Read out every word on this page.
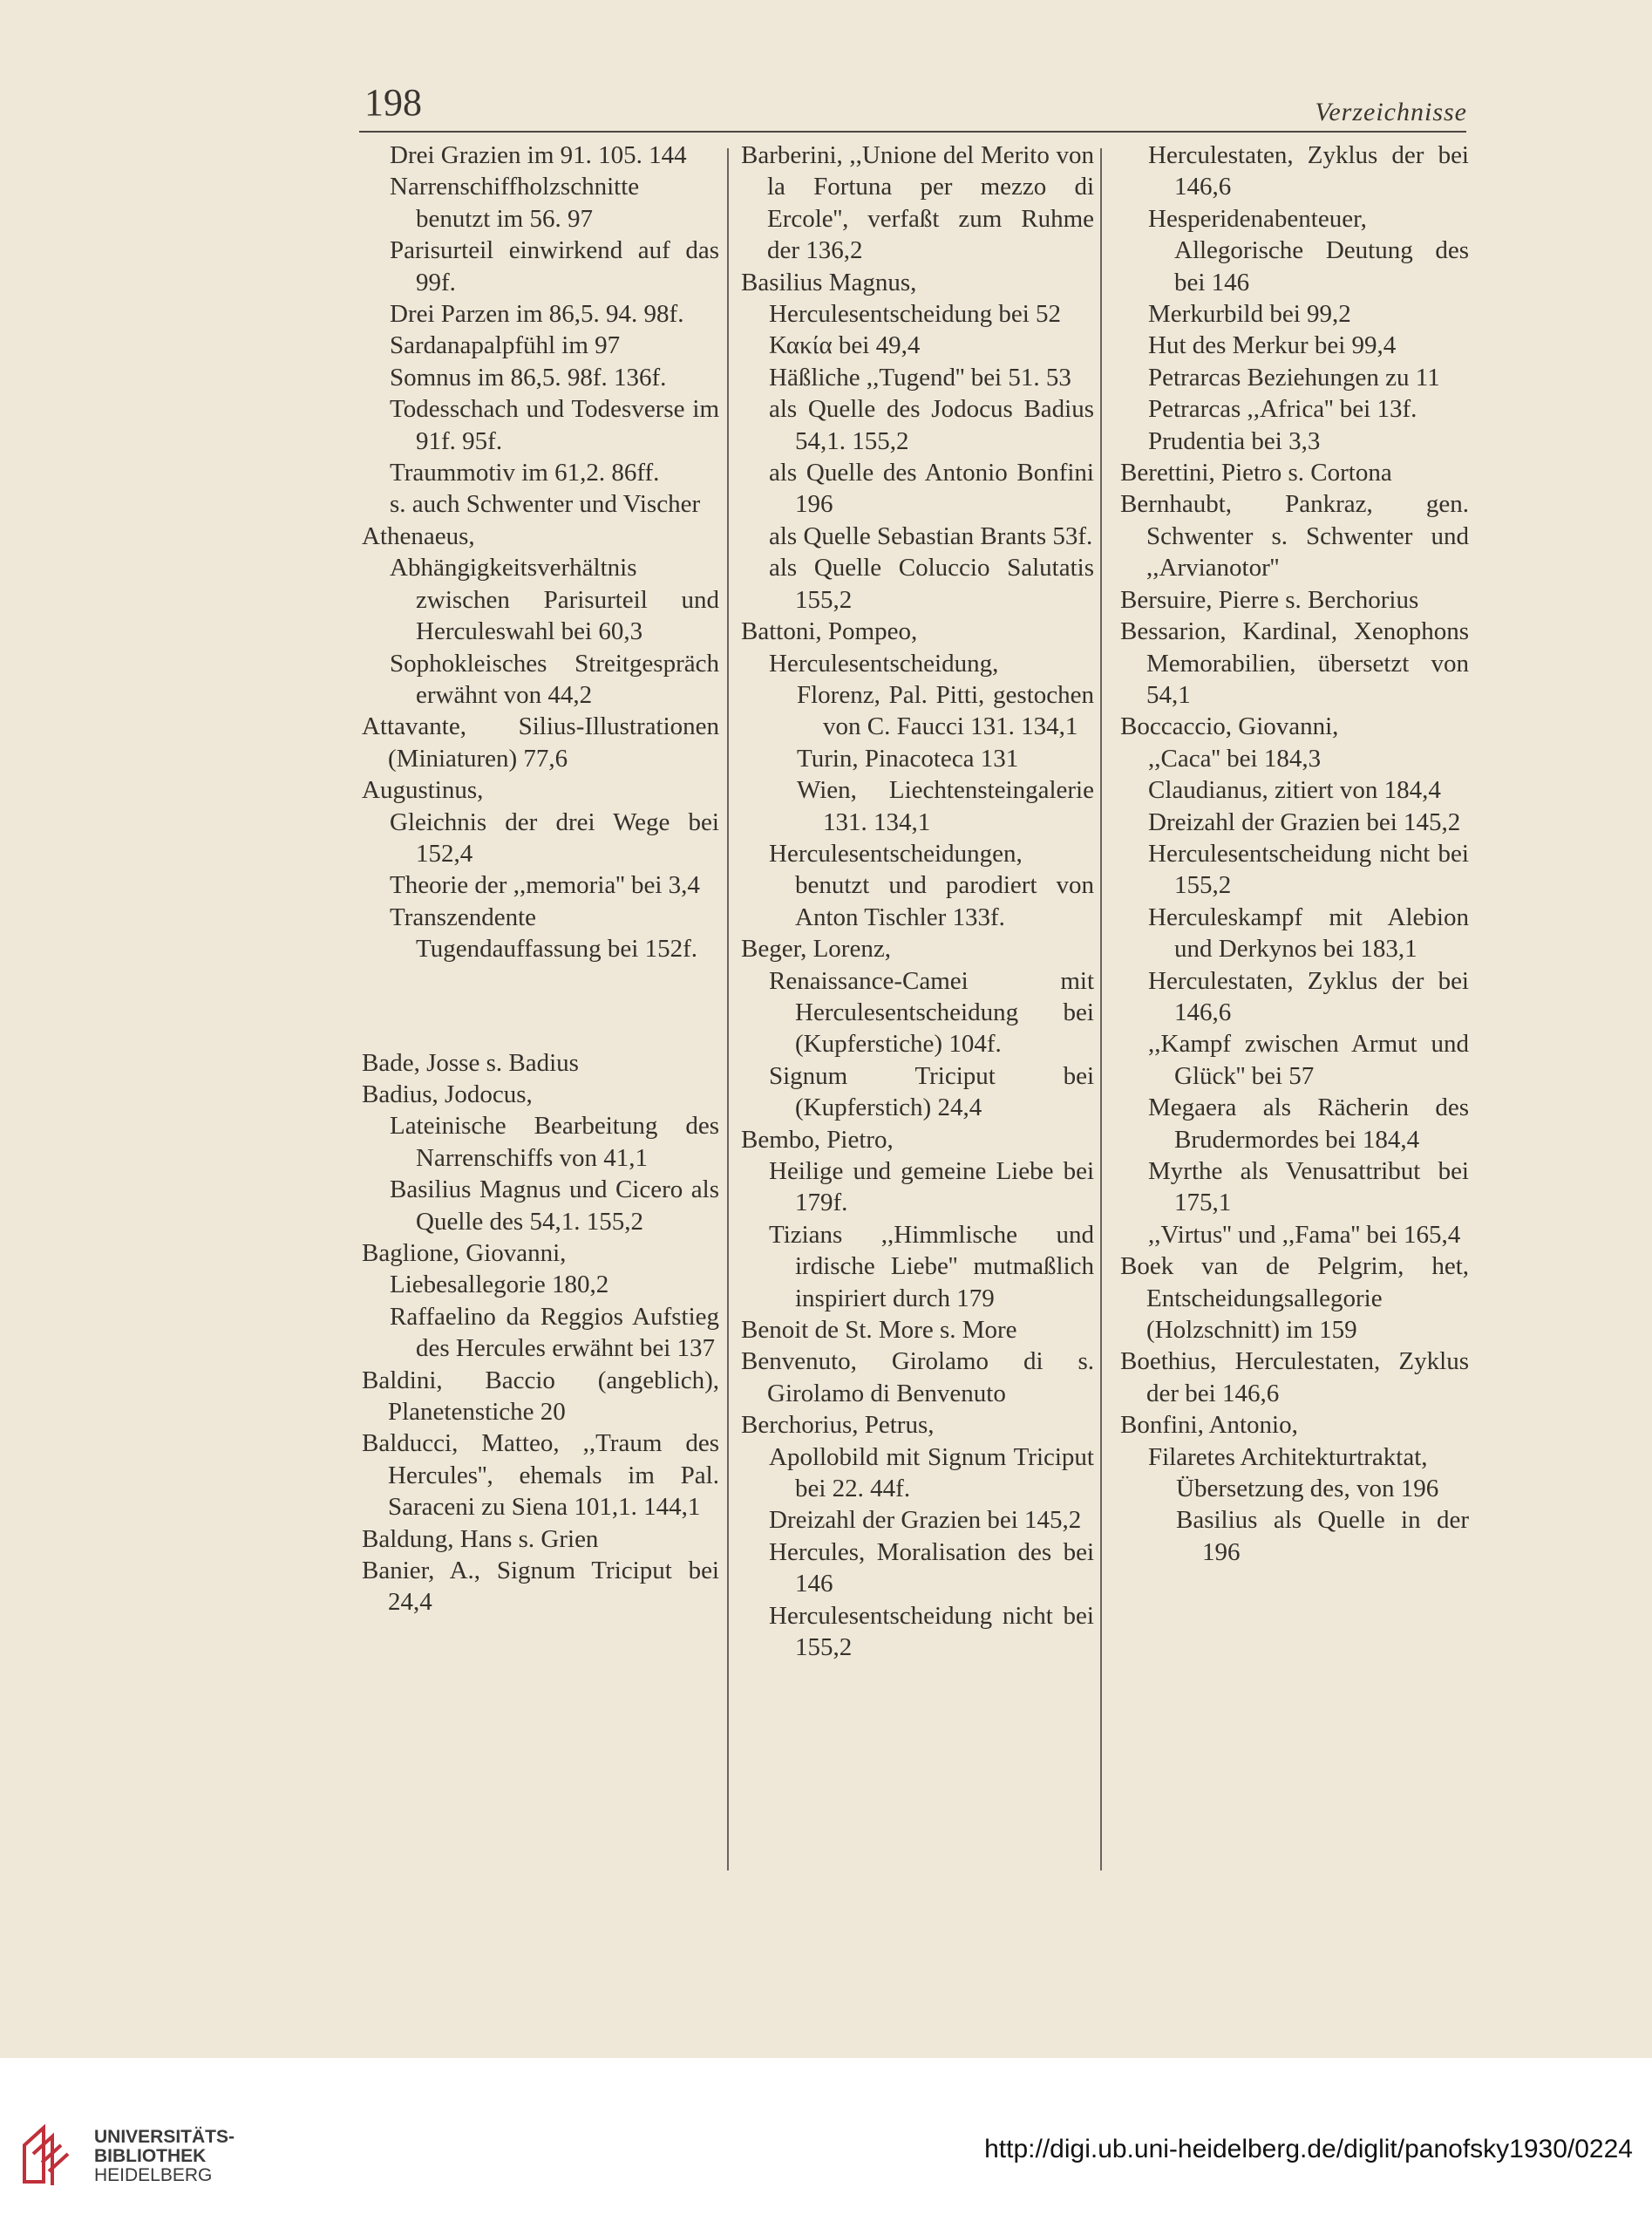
198	Verzeichnisse

Drei Grazien im 91. 105. 144

Narrenschiffholzschnitte benutzt im 56. 97

Parisurteil einwirkend auf das 99f.

Drei Parzen im 86,5. 94. 98f.

Sardanapalpfühl im 97

Somnus im 86,5. 98f. 136f.

Todesschach und Todesverse im 91f. 95f.

Traummotiv im 61,2. 86ff.

s. auch Schwenter und Vischer

Athenaeus,

Abhängigkeitsverhältnis zwischen Parisurteil und Herculeswahl bei 60,3

Sophokleisches Streitgespräch erwähnt von 44,2

Attavante, Silius-Illustrationen (Miniaturen) 77,6

Augustinus,

Gleichnis der drei Wege bei 152,4

Theorie der ,,memoria'' bei 3,4

Transzendente Tugendauffassung bei 152f.

Bade, Josse s. Badius

Badius, Jodocus,

Lateinische Bearbeitung des Narrenschiffs von 41,1

Basilius Magnus und Cicero als Quelle des 54,1. 155,2

Baglione, Giovanni,

Liebesallegorie 180,2

Raffaelino da Reggios Aufstieg des Hercules erwähnt bei 137

Baldini, Baccio (angeblich), Planetenstiche 20

Balducci, Matteo, ,,Traum des Hercules'', ehemals im Pal. Saraceni zu Siena 101,1. 144,1

Baldung, Hans s. Grien

Banier, A., Signum Triciput bei 24,4

Barberini, ,,Unione del Merito von la Fortuna per mezzo di Ercole'', verfaßt zum Ruhme der 136,2

Basilius Magnus,

Herculesentscheidung bei 52

Κακία bei 49,4

Häßliche ,,Tugend'' bei 51. 53

als Quelle des Jodocus Badius 54,1. 155,2

als Quelle des Antonio Bonfini 196

als Quelle Sebastian Brants 53f.

als Quelle Coluccio Salutatis 155,2

Battoni, Pompeo,

Herculesentscheidung,

Florenz, Pal. Pitti, gestochen von C. Faucci 131. 134,1

Turin, Pinacoteca 131

Wien, Liechtensteingalerie 131. 134,1

Herculesentscheidungen, benutzt und parodiert von Anton Tischler 133f.

Beger, Lorenz,

Renaissance-Camei mit Herculesentscheidung bei (Kupferstiche) 104f.

Signum Triciput bei (Kupferstich) 24,4

Bembo, Pietro,

Heilige und gemeine Liebe bei 179f.

Tizians ,,Himmlische und irdische Liebe'' mutmaßlich inspiriert durch 179

Benoit de St. More s. More

Benvenuto, Girolamo di s. Girolamo di Benvenuto

Berchorius, Petrus,

Apollobild mit Signum Triciput bei 22. 44f.

Dreizahl der Grazien bei 145,2

Hercules, Moralisation des bei 146

Herculesentscheidung nicht bei 155,2

Herculestaten, Zyklus der bei 146,6

Hesperidenabenteuer, Allegorische Deutung des bei 146

Merkurbild bei 99,2

Hut des Merkur bei 99,4

Petrarcas Beziehungen zu 11

Petrarcas ,,Africa'' bei 13f.

Prudentia bei 3,3

Berettini, Pietro s. Cortona

Bernhaubt, Pankraz, gen. Schwenter s. Schwenter und ,,Arvianotor''

Bersuire, Pierre s. Berchorius

Bessarion, Kardinal, Xenophons Memorabilien, übersetzt von 54,1

Boccaccio, Giovanni,

,,Caca'' bei 184,3

Claudianus, zitiert von 184,4

Dreizahl der Grazien bei 145,2

Herculesentscheidung nicht bei 155,2

Herculeskampf mit Alebion und Derkynos bei 183,1

Herculestaten, Zyklus der bei 146,6

,,Kampf zwischen Armut und Glück'' bei 57

Megaera als Rächerin des Brudermordes bei 184,4

Myrthe als Venusattribut bei 175,1

,,Virtus'' und ,,Fama'' bei 165,4

Boek van de Pelgrim, het, Entscheidungsallegorie (Holzschnitt) im 159

Boethius, Herculestaten, Zyklus der bei 146,6

Bonfini, Antonio,

Filaretes Architekturtraktat,

Übersetzung des, von 196

Basilius als Quelle in der 196

UNIVERSITÄTS-
BIBLIOTHEK
HEIDELBERG
http://digi.ub.uni-heidelberg.de/diglit/panofsky1930/0224
